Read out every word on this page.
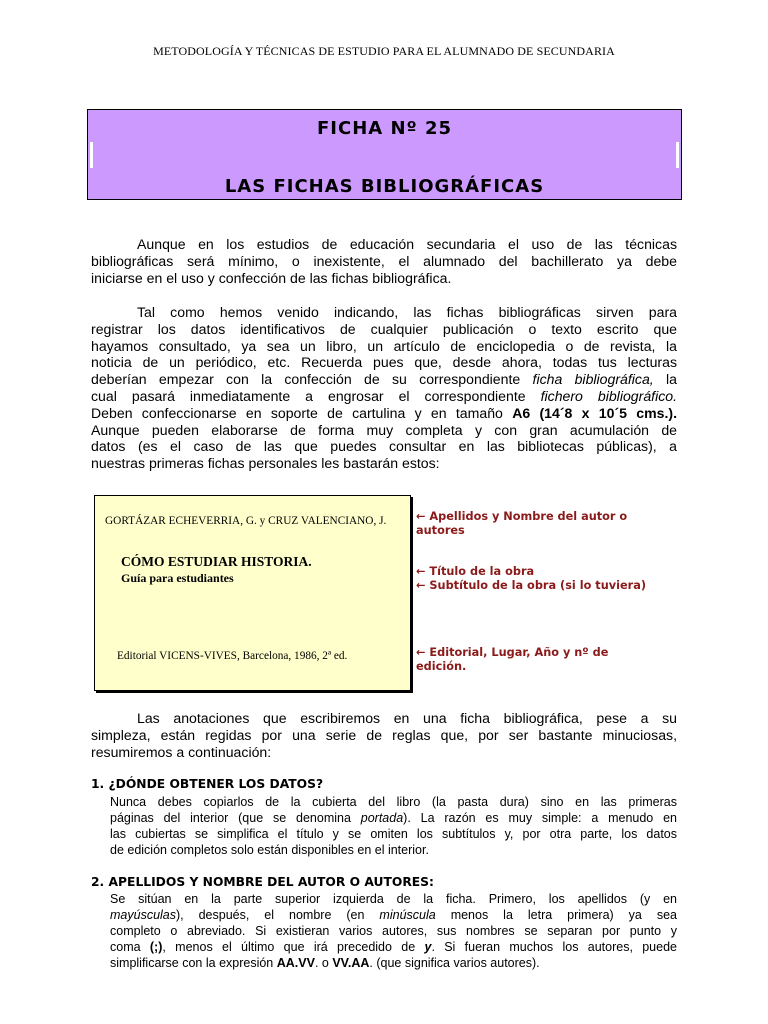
METODOLOGÍA Y TÉCNICAS DE ESTUDIO PARA EL ALUMNADO DE SECUNDARIA
FICHA Nº 25
LAS FICHAS BIBLIOGRÁFICAS
Aunque en los estudios de educación secundaria el uso de las técnicas
bibliográficas será mínimo, o inexistente, el alumnado del bachillerato ya debe
iniciarse en el uso y confección de las fichas bibliográfica.
Tal como hemos venido indicando, las fichas bibliográficas sirven para
registrar los datos identificativos de cualquier publicación o texto escrito que
hayamos consultado, ya sea un libro, un artículo de enciclopedia o de revista, la
noticia de un periódico, etc. Recuerda pues que, desde ahora, todas tus lecturas
deberían empezar con la confección de su correspondiente ficha bibliográfica, la
cual pasará inmediatamente a engrosar el correspondiente fichero bibliográfico.
Deben confeccionarse en soporte de cartulina y en tamaño A6 (14´8 x 10´5 cms.).
Aunque pueden elaborarse de forma muy completa y con gran acumulación de
datos (es el caso de las que puedes consultar en las bibliotecas públicas), a
nuestras primeras fichas personales les bastarán estos:
GORTÁZAR ECHEVERRIA, G. y CRUZ VALENCIANO, J.
CÓMO ESTUDIAR HISTORIA.
Guía para estudiantes
Editorial VICENS-VIVES, Barcelona, 1986, 2ª ed.
← Apellidos y Nombre del autor o
autores
← Título de la obra
← Subtítulo de la obra (si lo tuviera)
← Editorial, Lugar, Año y nº de
edición.
Las anotaciones que escribiremos en una ficha bibliográfica, pese a su
simpleza, están regidas por una serie de reglas que, por ser bastante minuciosas,
resumiremos a continuación:
1. ¿DÓNDE OBTENER LOS DATOS?
Nunca debes copiarlos de la cubierta del libro (la pasta dura) sino en las primeras
páginas del interior (que se denomina portada). La razón es muy simple: a menudo en
las cubiertas se simplifica el título y se omiten los subtítulos y, por otra parte, los datos
de edición completos solo están disponibles en el interior.
2. APELLIDOS Y NOMBRE DEL AUTOR O AUTORES:
Se sitúan en la parte superior izquierda de la ficha. Primero, los apellidos (y en
mayúsculas), después, el nombre (en minúscula menos la letra primera) ya sea
completo o abreviado. Si existieran varios autores, sus nombres se separan por punto y
coma (;), menos el último que irá precedido de y. Si fueran muchos los autores, puede
simplificarse con la expresión AA.VV. o VV.AA. (que significa varios autores).
